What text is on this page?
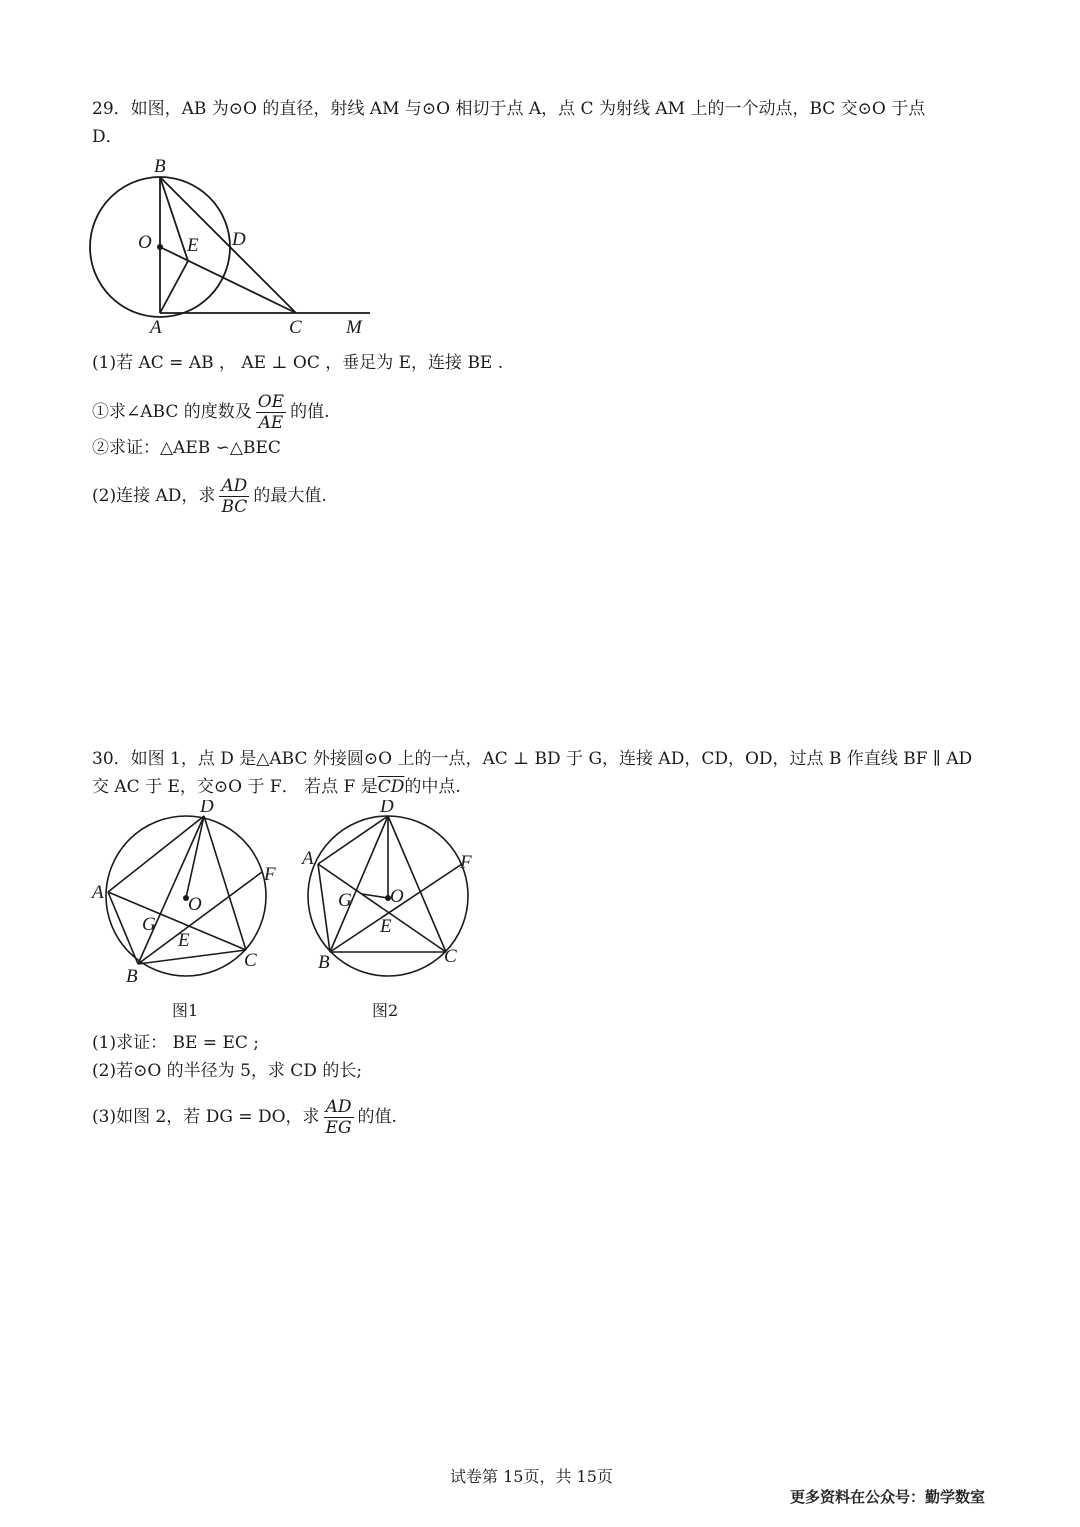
29．如图，AB 为⊙O 的直径，射线 AM 与⊙O 相切于点 A，点 C 为射线 AM 上的一个动点，BC 交⊙O 于点
D．
B
O E D
A	C M
(1)若 AC = AB ， AE ⊥ OC ，垂足为 E，连接 BE .
①求∠ABC 的度数及 $\frac{OE}{AE}$ 的值.
②求证：△AEB ∽△BEC
(2)连接 AD，求 $\frac{AD}{BC}$ 的最大值.
30．如图 1，点 D 是△ABC 外接圆⊙O 上的一点，AC ⊥ BD 于 G，连接 AD，CD，OD，过点 B 作直线 BF ∥ AD
交 AC 于 E，交⊙O 于 F． 若点 F 是$\overline{CD}$的中点.
D
A
F
O
G
E
B
C
图1
D
A	F
G O
E
B	C
图2
(1)求证： BE = EC ;
(2)若⊙O 的半径为 5，求 CD 的长;
(3)如图 2，若 DG = DO，求 $\frac{AD}{EG}$ 的值.
试卷第 15页，共 15页
更多资料在公众号：勤学数室
